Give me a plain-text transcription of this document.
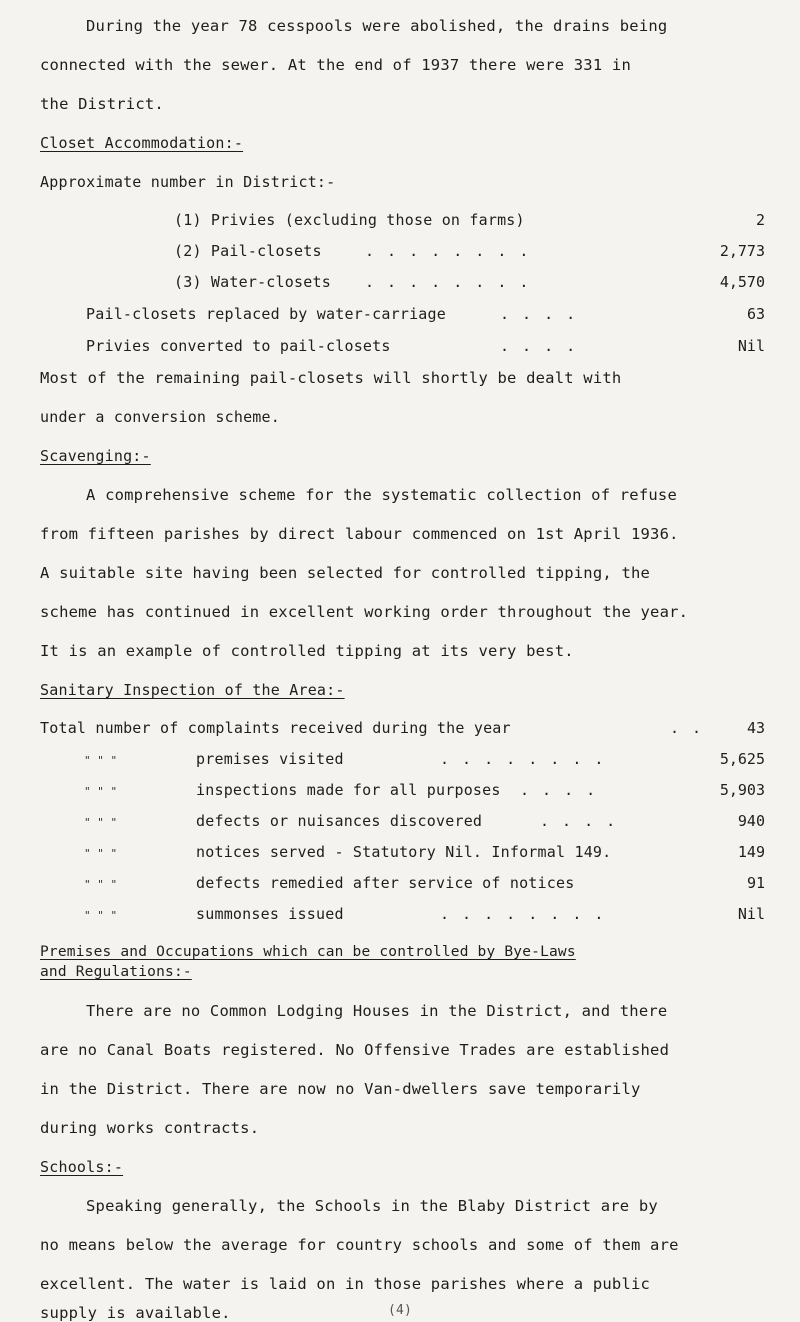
During the year 78 cesspools were abolished, the drains being
connected with the sewer. At the end of 1937 there were 331 in
the District.
Closet Accommodation:-
Approximate number in District:-
(1) Privies (excluding those on farms)	2
(2) Pail-closets	. . . . . . . .	2,773
(3) Water-closets . . . . . . . .	4,570
Pail-closets replaced by water-carriage	. . . .	63
Privies converted to pail-closets	. . . .	Nil
Most of the remaining pail-closets will shortly be dealt with
under a conversion scheme.
Scavenging:-
A comprehensive scheme for the systematic collection of refuse
from fifteen parishes by direct labour commenced on 1st April 1936.
A suitable site having been selected for controlled tipping, the
scheme has continued in excellent working order throughout the year.
It is an example of controlled tipping at its very best.
Sanitary Inspection of the Area:-
Total number of complaints received during the year	. .	43
" " "	premises visited	. . . . . . . .	5,625
" " "	inspections made for all purposes . . . .	5,903
" " "	defects or nuisances discovered	. . . .	940
" " "	notices served - Statutory Nil. Informal 149.	149
" " "	defects remedied after service of notices	91
" " "	summonses issued	. . . . . . . .	Nil
Premises and Occupations which can be controlled by Bye-Laws
and Regulations:-
There are no Common Lodging Houses in the District, and there
are no Canal Boats registered. No Offensive Trades are established
in the District. There are now no Van-dwellers save temporarily
during works contracts.
Schools:-
Speaking generally, the Schools in the Blaby District are by
no means below the average for country schools and some of them are
excellent. The water is laid on in those parishes where a public
supply is available.	(4)
